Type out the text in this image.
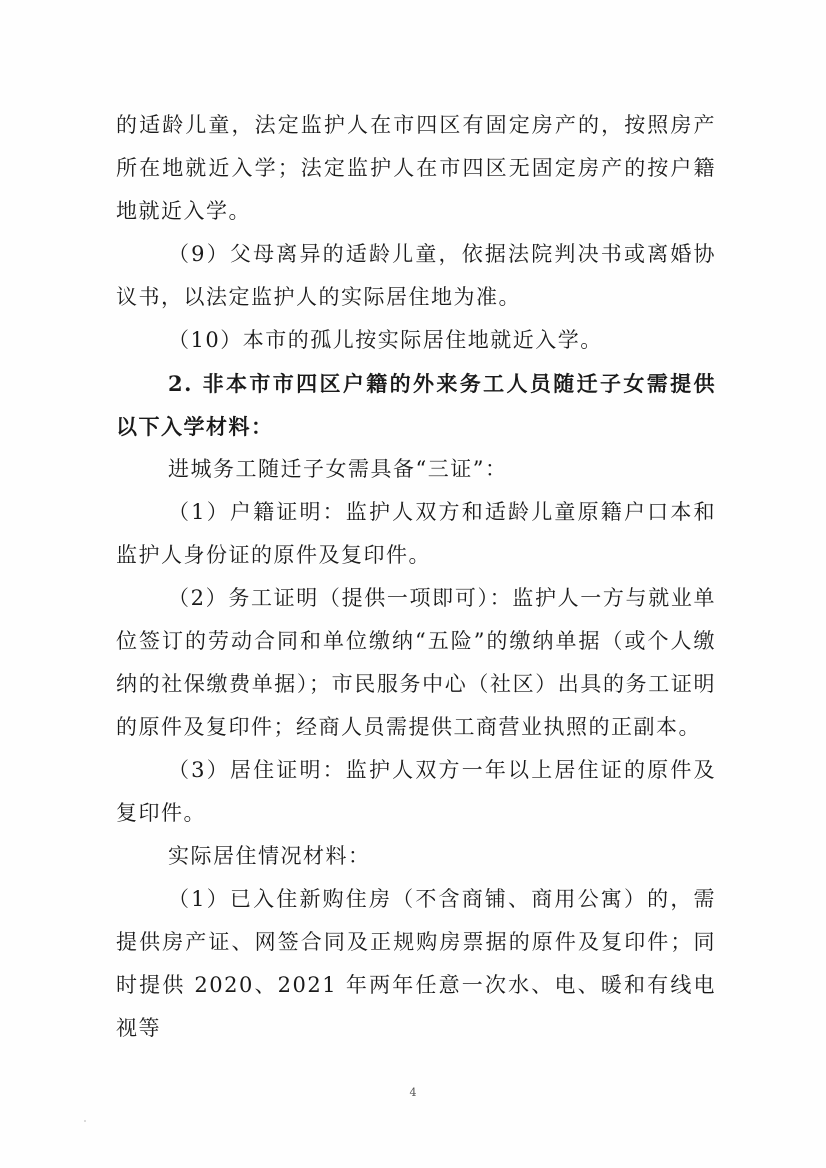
的适龄儿童，法定监护人在市四区有固定房产的，按照房产所在地就近入学；法定监护人在市四区无固定房产的按户籍地就近入学。

（9）父母离异的适龄儿童，依据法院判决书或离婚协议书，以法定监护人的实际居住地为准。

（10）本市的孤儿按实际居住地就近入学。

2. 非本市市四区户籍的外来务工人员随迁子女需提供以下入学材料：

进城务工随迁子女需具备“三证”：

（1）户籍证明：监护人双方和适龄儿童原籍户口本和监护人身份证的原件及复印件。

（2）务工证明（提供一项即可）：监护人一方与就业单位签订的劳动合同和单位缴纳“五险”的缴纳单据（或个人缴纳的社保缴费单据）；市民服务中心（社区）出具的务工证明的原件及复印件；经商人员需提供工商营业执照的正副本。

（3）居住证明：监护人双方一年以上居住证的原件及复印件。

实际居住情况材料：

（1）已入住新购住房（不含商铺、商用公寓）的，需提供房产证、网签合同及正规购房票据的原件及复印件；同时提供 2020、2021 年两年任意一次水、电、暖和有线电视等

4
